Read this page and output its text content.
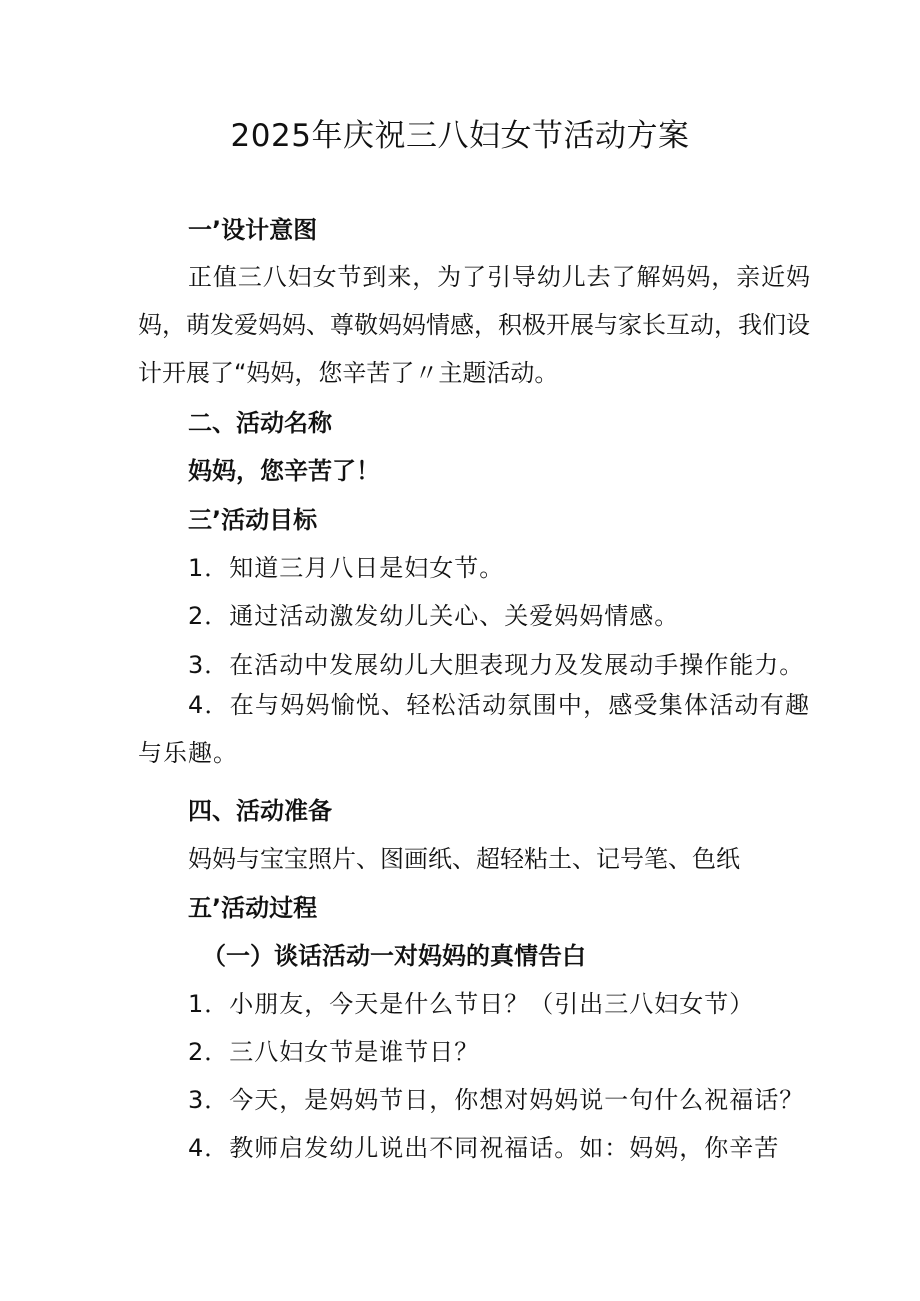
2025年庆祝三八妇女节活动方案
一’设计意图
正值三八妇女节到来，为了引导幼儿去了解妈妈，亲近妈妈，萌发爱妈妈、尊敬妈妈情感，积极开展与家长互动，我们设计开展了“妈妈，您辛苦了〃主题活动。
二、活动名称
妈妈，您辛苦了！
三’活动目标
1．知道三月八日是妇女节。
2．通过活动激发幼儿关心、关爱妈妈情感。
3．在活动中发展幼儿大胆表现力及发展动手操作能力。
4．在与妈妈愉悦、轻松活动氛围中，感受集体活动有趣与乐趣。
四、活动准备
妈妈与宝宝照片、图画纸、超轻粘土、记号笔、色纸
五’活动过程
（一）谈话活动一对妈妈的真情告白
1．小朋友，今天是什么节日？（引出三八妇女节）
2．三八妇女节是谁节日？
3．今天，是妈妈节日，你想对妈妈说一句什么祝福话？
4．教师启发幼儿说出不同祝福话。如：妈妈，你辛苦
